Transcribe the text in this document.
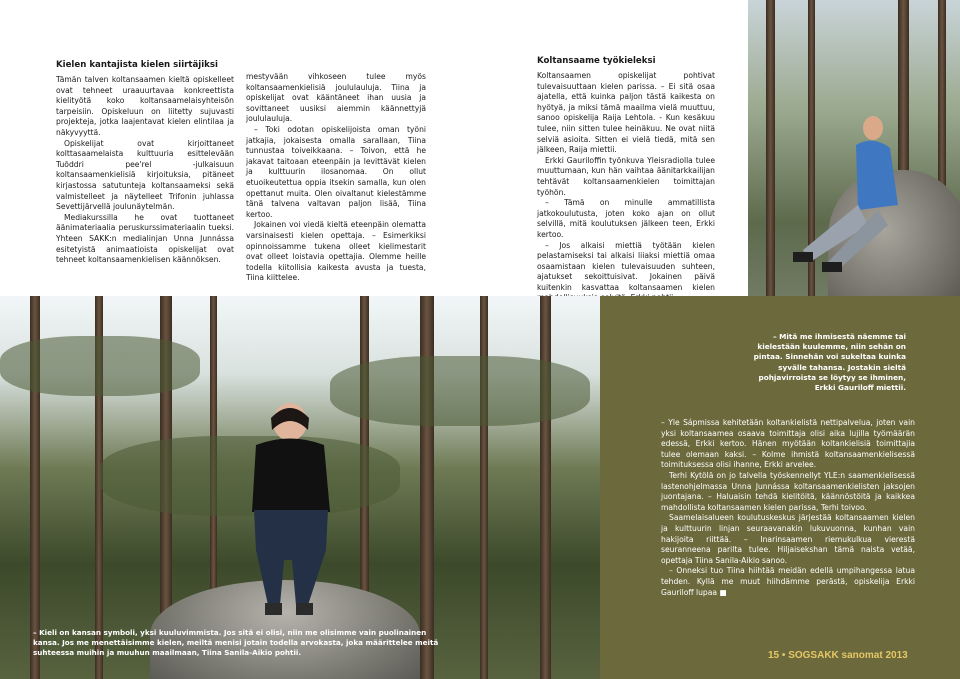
Kielen kantajista kielen siirtäjiksi

Tämän talven koltansaamen kieltä opiskelleet ovat tehneet uraauurtavaa konkreettista kielityötä koko koltansaamelaisyhteisön tarpeisiin. Opiskeluun on liitetty sujuvasti projekteja, jotka laajentavat kielen elintilaa ja näkyvyyttä.

Opiskelijat ovat kirjoittaneet kolttasaamelaista kulttuuria esittelevään Tuõddri pee'rel -julkaisuun koltansaamenkielisiä kirjoituksia, pitäneet kirjastossa satutunteja koltansaameksi sekä valmistelleet ja näytelleet Trifonin juhlassa Sevettijärvellä joulunäytelmän.

Mediakurssilla he ovat tuottaneet äänimateriaalia peruskurssimateriaalin tueksi. Yhteen SAKK:n medialinjan Unna Junnássa esitetyistä animaatioista opiskelijat ovat tehneet koltansaamenkielisen käännöksen.

mestyvään vihkoseen tulee myös koltansaamenkielisiä joululauluja. Tiina ja opiskelijat ovat kääntäneet ihan uusia ja sovittaneet uusiksi aiemmin käännettyjä joululauluja.

– Toki odotan opiskelijoista oman työni jatkajia, jokaisesta omalla sarallaan, Tiina tunnustaa toiveikkaana. – Toivon, että he jakavat taitoaan eteenpäin ja levittävät kielen ja kulttuurin ilosanomaa. On ollut etuoikeutettua oppia itsekin samalla, kun olen opettanut muita. Olen oivaltanut kielestämme tänä talvena valtavan paljon lisää, Tiina kertoo.

Jokainen voi viedä kieltä eteenpäin olematta varsinaisesti kielen opettaja. – Esimerkiksi opinnoissamme tukena olleet kielimestarit ovat olleet loistavia opettajia. Olemme heille todella kiitollisia kaikesta avusta ja tuesta, Tiina kiittelee.

Koltansaame työkieleksi

Koltansaamen opiskelijat pohtivat tulevaisuuttaan kielen parissa. – Ei sitä osaa ajatella, että kuinka paljon tästä kaikesta on hyötyä, ja miksi tämä maailma vielä muuttuu, sanoo opiskelija Raija Lehtola. - Kun kesäkuu tulee, niin sitten tulee heinäkuu. Ne ovat niitä selviä asioita. Sitten ei vielä tiedä, mitä sen jälkeen, Raija miettii.

Erkki Gauriloffin työnkuva Yleisradiolla tulee muuttumaan, kun hän vaihtaa äänitarkkailijan tehtävät koltansaamenkielen toimittajan työhön.

– Tämä on minulle ammatillista jatkokoulutusta, joten koko ajan on ollut selvillä, mitä koulutuksen jälkeen teen, Erkki kertoo.

– Jos alkaisi miettiä työtään kielen pelastamiseksi tai alkaisi liiaksi miettiä omaa osaamistaan kielen tulevaisuuden suhteen, ajatukset sekoittuisivat. Jokainen päivä kuitenkin kasvattaa koltansaamen kielen

– Kieli on kansan symboli, yksi kuuluvimmista. Jos sitä ei olisi, niin me olisimme vain puolinainen kansa. Jos me menettäisimme kielen, meiltä menisi jotain todella arvokasta, joka määrittelee meitä suhteessa muihin ja muuhun maailmaan, Tiina Sanila-Aikio pohtii.
– Mitä me ihmisestä näemme tai kielestään kuulemme, niin sehän on pintaa. Sinnehän voi sukeltaa kuinka syvälle tahansa. Jostakin sieltä pohjavirroista se löytyy se ihminen, Erkki Gauriloff miettii.

– Yle Sápmissa kehitetään koltankielistä nettipalvelua, joten vain yksi koltansaamea osaava toimittaja olisi aika lujilla työmäärän edessä, Erkki kertoo. Hänen myötään koltankielisiä toimittajia tulee olemaan kaksi. – Kolme ihmistä koltansaamenkielisessä toimituksessa olisi ihanne, Erkki arvelee.

Terhi Kytölä on jo talvella työskennellyt YLE:n saamenkielisessä lastenohjelmassa Unna Junnássa koltansaamenkielisten jaksojen juontajana. – Haluaisin tehdä kielitöitä, käännöstöitä ja kaikkea mahdollista koltansaamen kielen parissa, Terhi toivoo.

Saamelaisalueen koulutuskeskus järjestää koltansaamen kielen ja kulttuurin linjan seuraavanakin lukuvuonna, kunhan vain hakijoita riittää. – Inarinsaamen riemukulkua vierestä seuranneena parilta tulee. Hiljaisekshan tämä naista vetää, opettaja Tiina Sanila-Aikio sanoo.

– Onneksi tuo Tiina hiihtää meidän edellä umpihangessa latua tehden. Kyllä me muut hiihdämme perästä, opiskelija Erkki Gauriloff lupaa ■

15 • SOGSAKK sanomat 2013
